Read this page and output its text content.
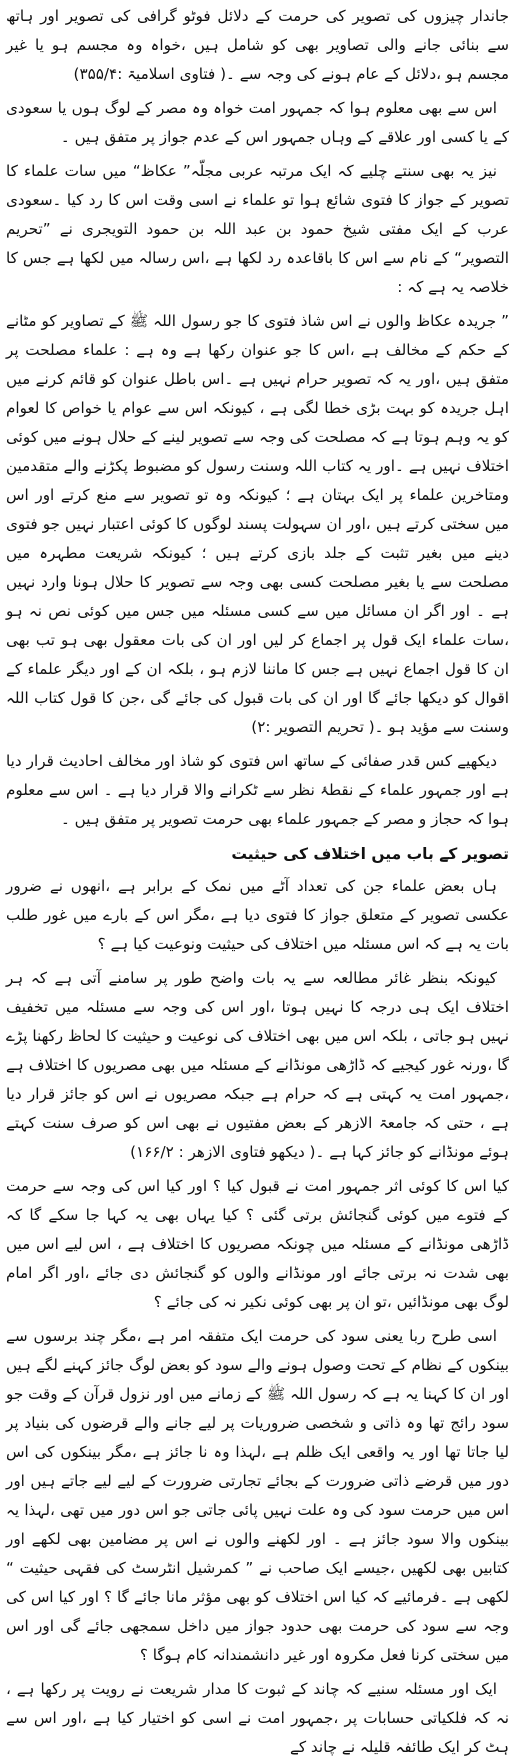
جاندار چیزوں کی تصویر کی حرمت کے دلائل فوٹو گرافی کی تصویر اور ہاتھ سے بنائی جانے والی تصاویر بھی کو شامل ہیں ،خواہ وہ مجسم ہو یا غیر مجسم ہو ،دلائل کے عام ہونے کی وجہ سے ۔( فتاوی اسلامیۃ :۳۵۵/۴)

اس سے بھی معلوم ہوا کہ جمہور امت خواہ وہ مصر کے لوگ ہوں یا سعودی کے یا کسی اور علاقے کے وہاں جمہور اس کے عدم جواز پر متفق ہیں ۔

نیز یہ بھی سنتے چلیے کہ ایک مرتبہ عربی مجلّہ” عکاظ“ میں سات علماء کا تصویر کے جواز کا فتوی شائع ہوا تو علماء نے اسی وقت اس کا رد کیا ۔سعودی عرب کے ایک مفتی شیخ حمود بن عبد اللہ بن حمود التویجری نے ”تحریم التصویر“ کے نام سے اس کا باقاعدہ رد لکھا ہے ،اس رسالہ میں لکھا ہے جس کا خلاصہ یہ ہے کہ :

” جریدہ عکاظ والوں نے اس شاذ فتوی کا جو رسول اللہ ﷺ کے تصاویر کو مٹانے کے حکم کے مخالف ہے ،اس کا جو عنوان رکھا ہے وہ ہے : علماء مصلحت پر متفق ہیں ،اور یہ کہ تصویر حرام نہیں ہے ۔اس باطل عنوان کو قائم کرنے میں اہل جریدہ کو بہت بڑی خطا لگی ہے ، کیونکہ اس سے عوام یا خواص کا لعوام کو یہ وہم ہوتا ہے کہ مصلحت کی وجہ سے تصویر لینے کے حلال ہونے میں کوئی اختلاف نہیں ہے ۔اور یہ کتاب اللہ وسنت رسول کو مضبوط پکڑنے والے متقدمین ومتاخرین علماء پر ایک بہتان ہے ؛ کیونکہ وہ تو تصویر سے منع کرتے اور اس میں سختی کرتے ہیں ،اور ان سہولت پسند لوگوں کا کوئی اعتبار نہیں جو فتوی دینے میں بغیر تثبت کے جلد بازی کرتے ہیں ؛ کیونکہ شریعت مطہرہ میں مصلحت سے یا بغیر مصلحت کسی بھی وجہ سے تصویر کا حلال ہونا وارد نہیں ہے ۔ اور اگر ان مسائل میں سے کسی مسئلہ میں جس میں کوئی نص نہ ہو ،سات علماء ایک قول پر اجماع کر لیں اور ان کی بات معقول بھی ہو تب بھی ان کا قول اجماع نہیں ہے جس کا ماننا لازم ہو ، بلکہ ان کے اور دیگر علماء کے اقوال کو دیکھا جائے گا اور ان کی بات قبول کی جائے گی ،جن کا قول کتاب اللہ وسنت سے مؤید ہو ۔( تحریم التصویر :۲)

دیکھیے کس قدر صفائی کے ساتھ اس فتوی کو شاذ اور مخالف احادیث قرار دیا ہے اور جمہور علماء کے نقطۂ نظر سے ٹکرانے والا قرار دیا ہے ۔ اس سے معلوم ہوا کہ حجاز و مصر کے جمہور علماء بھی حرمت تصویر پر متفق ہیں ۔

تصویر کے باب میں اختلاف کی حیثیت

ہاں بعض علماء جن کی تعداد آٹے میں نمک کے برابر ہے ،انھوں نے ضرور عکسی تصویر کے متعلق جواز کا فتوی دیا ہے ،مگر اس کے بارے میں غور طلب بات یہ ہے کہ اس مسئلہ میں اختلاف کی حیثیت ونوعیت کیا ہے ؟

کیونکہ بنظر غائر مطالعہ سے یہ بات واضح طور پر سامنے آتی ہے کہ ہر اختلاف ایک ہی درجہ کا نہیں ہوتا ،اور اس کی وجہ سے مسئلہ میں تخفیف نہیں ہو جاتی ، بلکہ اس میں بھی اختلاف کی نوعیت و حیثیت کا لحاظ رکھنا پڑے گا ،ورنہ غور کیجیے کہ ڈاڑھی مونڈانے کے مسئلہ میں بھی مصریوں کا اختلاف ہے ،جمہور امت یہ کہتی ہے کہ حرام ہے جبکہ مصریوں نے اس کو جائز قرار دیا ہے ، حتی کہ جامعۃ الازھر کے بعض مفتیوں نے بھی اس کو صرف سنت کہتے ہوئے مونڈانے کو جائز کہا ہے ۔( دیکھو فتاوی الازھر : ۱۶۶/۲)

کیا اس کا کوئی اثر جمہور امت نے قبول کیا ؟ اور کیا اس کی وجہ سے حرمت کے فتوے میں کوئی گنجائش برتی گئی ؟ کیا یہاں بھی یہ کہا جا سکے گا کہ ڈاڑھی مونڈانے کے مسئلہ میں چونکہ مصریوں کا اختلاف ہے ، اس لیے اس میں بھی شدت نہ برتی جائے اور مونڈانے والوں کو گنجائش دی جائے ،اور اگر امام لوگ بھی مونڈائیں ،تو ان پر بھی کوئی نکیر نہ کی جائے ؟

اسی طرح ربا یعنی سود کی حرمت ایک متفقہ امر ہے ،مگر چند برسوں سے بینکوں کے نظام کے تحت وصول ہونے والے سود کو بعض لوگ جائز کہنے لگے ہیں اور ان کا کہنا یہ ہے کہ رسول اللہ ﷺ کے زمانے میں اور نزول قرآن کے وقت جو سود رائج تھا وہ ذاتی و شخصی ضروریات پر لیے جانے والے قرضوں کی بنیاد پر لیا جاتا تھا اور یہ واقعی ایک ظلم ہے ،لہذا وہ نا جائز ہے ،مگر بینکوں کی اس دور میں قرضے ذاتی ضرورت کے بجائے تجارتی ضرورت کے لیے لیے جاتے ہیں اور اس میں حرمت سود کی وہ علت نہیں پائی جاتی جو اس دور میں تھی ،لہذا یہ بینکوں والا سود جائز ہے ۔ اور لکھنے والوں نے اس پر مضامین بھی لکھے اور کتابیں بھی لکھیں ،جیسے ایک صاحب نے ” کمرشیل انٹرسٹ کی فقہی حیثیت “ لکھی ہے ۔فرمائیے کہ کیا اس اختلاف کو بھی مؤثر مانا جائے گا ؟ اور کیا اس کی وجہ سے سود کی حرمت بھی حدود جواز میں داخل سمجھی جائے گی اور اس میں سختی کرنا فعل مکروہ اور غیر دانشمندانہ کام ہوگا ؟

ایک اور مسئلہ سنیے کہ چاند کے ثبوت کا مدار شریعت نے رویت پر رکھا ہے ، نہ کہ فلکیاتی حسابات پر ،جمہور امت نے اسی کو اختیار کیا ہے ،اور اس سے ہٹ کر ایک طائفہ قلیلہ نے چاند کے
